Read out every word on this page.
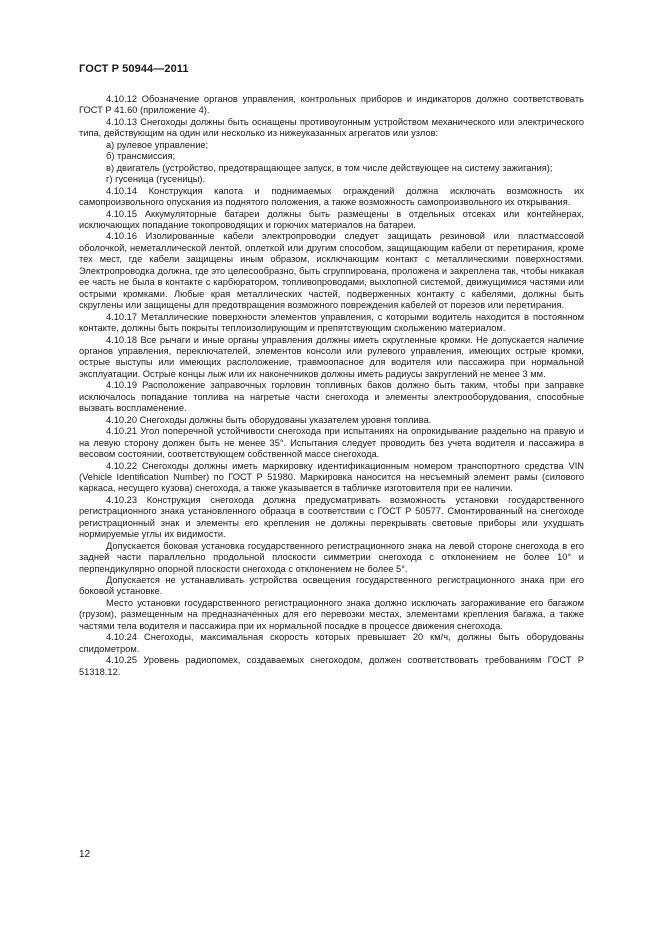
ГОСТ Р 50944—2011

4.10.12 Обозначение органов управления, контрольных приборов и индикаторов должно соответствовать ГОСТ Р 41.60 (приложение 4).

4.10.13 Снегоходы должны быть оснащены противоугонным устройством механического или электрического типа, действующим на один или несколько из нижеуказанных агрегатов или узлов:

а) рулевое управление;

б) трансмиссия;

в) двигатель (устройство, предотвращающее запуск, в том числе действующее на систему зажигания);

г) гусеница (гусеницы).

4.10.14 Конструкция капота и поднимаемых ограждений должна исключать возможность их самопроизвольного опускания из поднятого положения, а также возможность самопроизвольного их открывания.

4.10.15 Аккумуляторные батареи должны быть размещены в отдельных отсеках или контейнерах, исключающих попадание токопроводящих и горючих материалов на батареи.

4.10.16 Изолированные кабели электропроводки следует защищать резиновой или пластмассовой оболочкой, неметаллической лентой, оплеткой или другим способом, защищающим кабели от перетирания, кроме тех мест, где кабели защищены иным образом, исключающим контакт с металлическими поверхностями. Электропроводка должна, где это целесообразно, быть сгруппирована, проложена и закреплена так, чтобы никакая ее часть не была в контакте с карбюратором, топливопроводами, выхлопной системой, движущимися частями или острыми кромками. Любые края металлических частей, подверженных контакту с кабелями, должны быть скруглены или защищены для предотвращения возможного повреждения кабелей от порезов или перетирания.

4.10.17 Металлические поверхности элементов управления, с которыми водитель находится в постоянном контакте, должны быть покрыты теплоизолирующим и препятствующим скольжению материалом.

4.10.18 Все рычаги и иные органы управления должны иметь скругленные кромки. Не допускается наличие органов управления, переключателей, элементов консоли или рулевого управления, имеющих острые кромки, острые выступы или имеющих расположение, травмоопасное для водителя или пассажира при нормальной эксплуатации. Острые концы лыж или их наконечников должны иметь радиусы закруглений не менее 3 мм.

4.10.19 Расположение заправочных горловин топливных баков должно быть таким, чтобы при заправке исключалось попадание топлива на нагретые части снегохода и элементы электрооборудования, способные вызвать воспламенение.

4.10.20 Снегоходы должны быть оборудованы указателем уровня топлива.

4.10.21 Угол поперечной устойчивости снегохода при испытаниях на опрокидывание раздельно на правую и на левую сторону должен быть не менее 35°. Испытания следует проводить без учета водителя и пассажира в весовом состоянии, соответствующем собственной массе снегохода.

4.10.22 Снегоходы должны иметь маркировку идентификационным номером транспортного средства VIN (Vehicle Identification Number) по ГОСТ Р 51980. Маркировка наносится на несъемный элемент рамы (силового каркаса, несущего кузова) снегохода, а также указывается в табличке изготовителя при ее наличии.

4.10.23 Конструкция снегохода должна предусматривать возможность установки государственного регистрационного знака установленного образца в соответствии с ГОСТ Р 50577. Смонтированный на снегоходе регистрационный знак и элементы его крепления не должны перекрывать световые приборы или ухудшать нормируемые углы их видимости.

Допускается боковая установка государственного регистрационного знака на левой стороне снегохода в его задней части параллельно продольной плоскости симметрии снегохода с отклонением не более 10° и перпендикулярно опорной плоскости снегохода с отклонением не более 5°.

Допускается не устанавливать устройства освещения государственного регистрационного знака при его боковой установке.

Место установки государственного регистрационного знака должно исключать загораживание его багажом (грузом), размещенным на предназначенных для его перевозки местах, элементами крепления багажа, а также частями тела водителя и пассажира при их нормальной посадке в процессе движения снегохода.

4.10.24 Снегоходы, максимальная скорость которых превышает 20 км/ч, должны быть оборудованы спидометром.

4.10.25 Уровень радиопомех, создаваемых снегоходом, должен соответствовать требованиям ГОСТ Р 51318.12.

12
